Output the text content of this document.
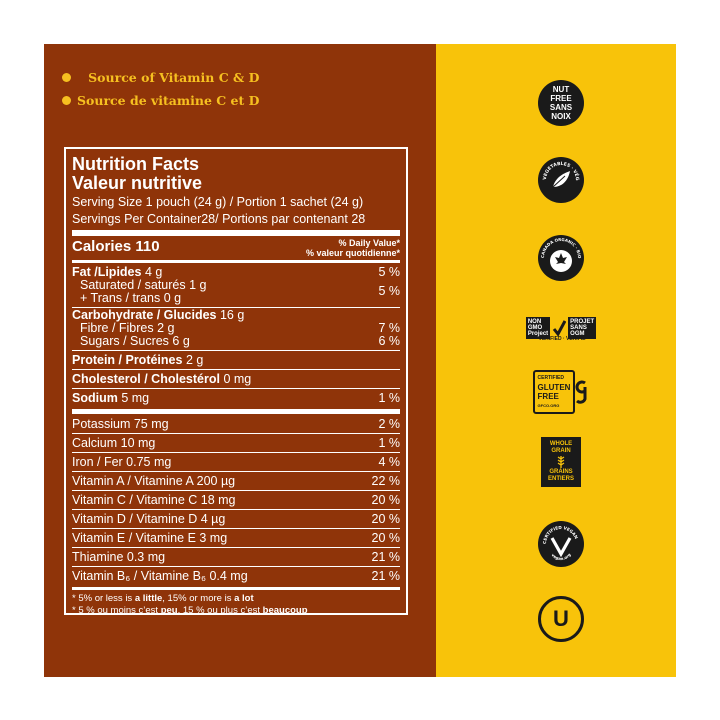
Source of Vitamin C & D
Source de vitamine C et D
Nutrition Facts
Valeur nutritive
Serving Size 1 pouch (24 g) / Portion 1 sachet (24 g)
Servings Per Container28/ Portions par contenant 28
Calories 110	% Daily Value*
% valeur quotidienne*
Fat /Lipides 4 g	5 %
Saturated / saturés 1 g
+ Trans / trans 0 g	5 %
Carbohydrate / Glucides 16 g
Fibre / Fibres 2 g	7 %
Sugars / Sucres 6 g	6 %
Protein / Protéines 2 g
Cholesterol / Cholestérol 0 mg
Sodium 5 mg	1 %
Potassium 75 mg	2 %
Calcium 10 mg	1 %
Iron / Fer 0.75 mg	4 %
Vitamin A / Vitamine A 200 µg	22 %
Vitamin C / Vitamine C 18 mg	20 %
Vitamin D / Vitamine D 4 µg	20 %
Vitamin E / Vitamine E 3 mg	20 %
Thiamine 0.3 mg	21 %
Vitamin B₆ / Vitamine B₆ 0.4 mg	21 %
* 5% or less is a little, 15% or more is a lot
* 5 % ou moins c’est peu, 15 % ou plus c’est beaucoup
NUT
FREE
SANS
NOIX
VEGETABLES · VÉG
CANADA ORGANIC · BIO
NON
GMO
Project
PROJET
SANS
OGM
VERIFIED · VÉRIFIÉ
CERTIFIED
GLUTEN
FREE
GFCO.ORG
WHOLE
GRAIN
GRAINS
ENTIERS
CERTIFIED VEGAN
vegan.org
U
